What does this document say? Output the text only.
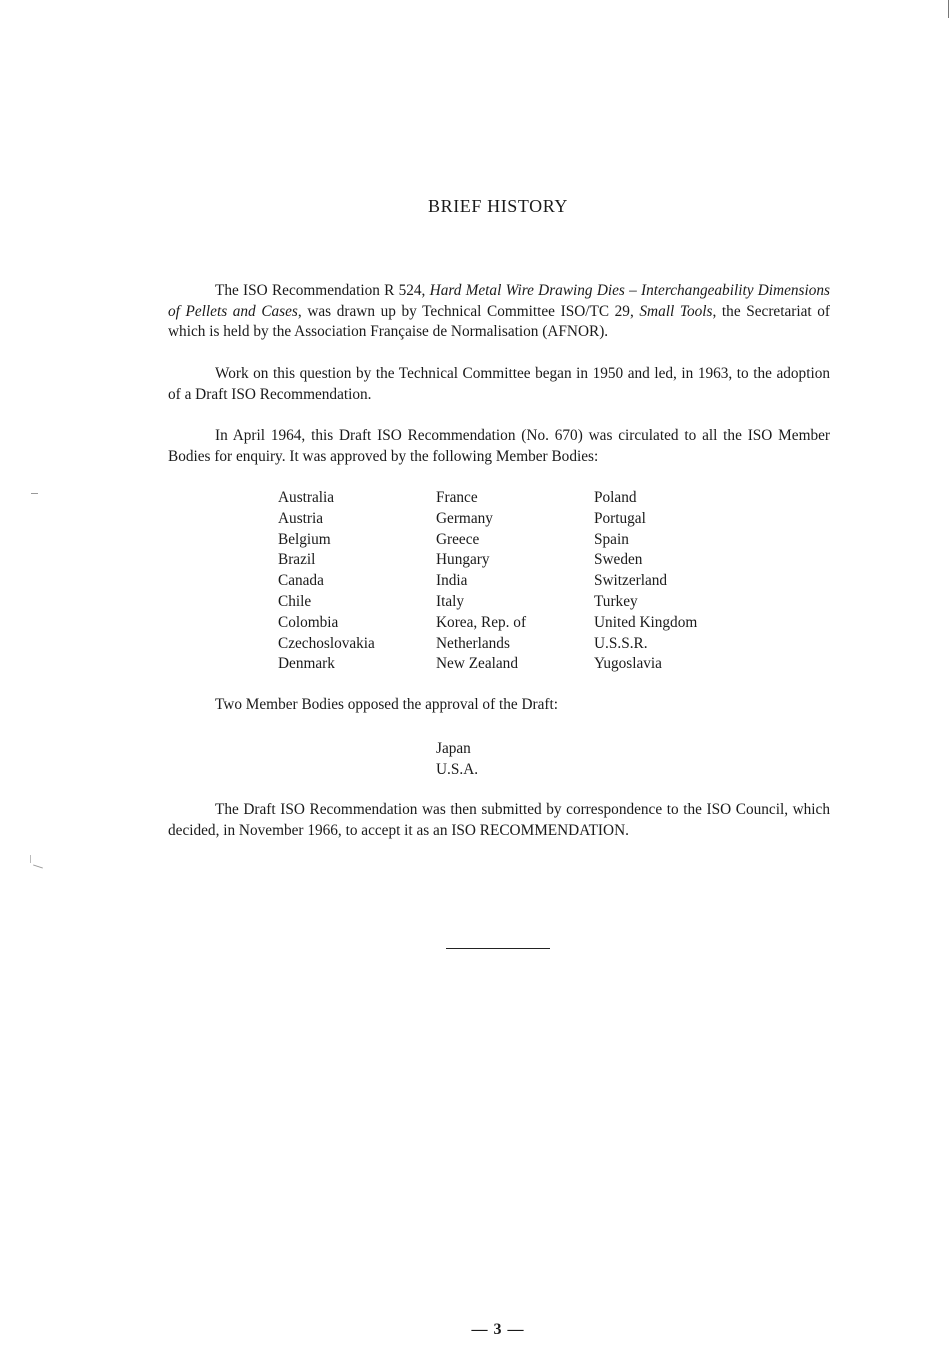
BRIEF HISTORY

The ISO Recommendation R 524, Hard Metal Wire Drawing Dies – Interchangeability Dimensions of Pellets and Cases, was drawn up by Technical Committee ISO/TC 29, Small Tools, the Secretariat of which is held by the Association Française de Normalisation (AFNOR).

Work on this question by the Technical Committee began in 1950 and led, in 1963, to the adoption of a Draft ISO Recommendation.

In April 1964, this Draft ISO Recommendation (No. 670) was circulated to all the ISO Member Bodies for enquiry. It was approved by the following Member Bodies:

Australia
Austria
Belgium
Brazil
Canada
Chile
Colombia
Czechoslovakia
Denmark
France
Germany
Greece
Hungary
India
Italy
Korea, Rep. of
Netherlands
New Zealand
Poland
Portugal
Spain
Sweden
Switzerland
Turkey
United Kingdom
U.S.S.R.
Yugoslavia
Two Member Bodies opposed the approval of the Draft:
Japan
U.S.A.

The Draft ISO Recommendation was then submitted by correspondence to the ISO Council, which decided, in November 1966, to accept it as an ISO RECOMMENDATION.

— 3 —
